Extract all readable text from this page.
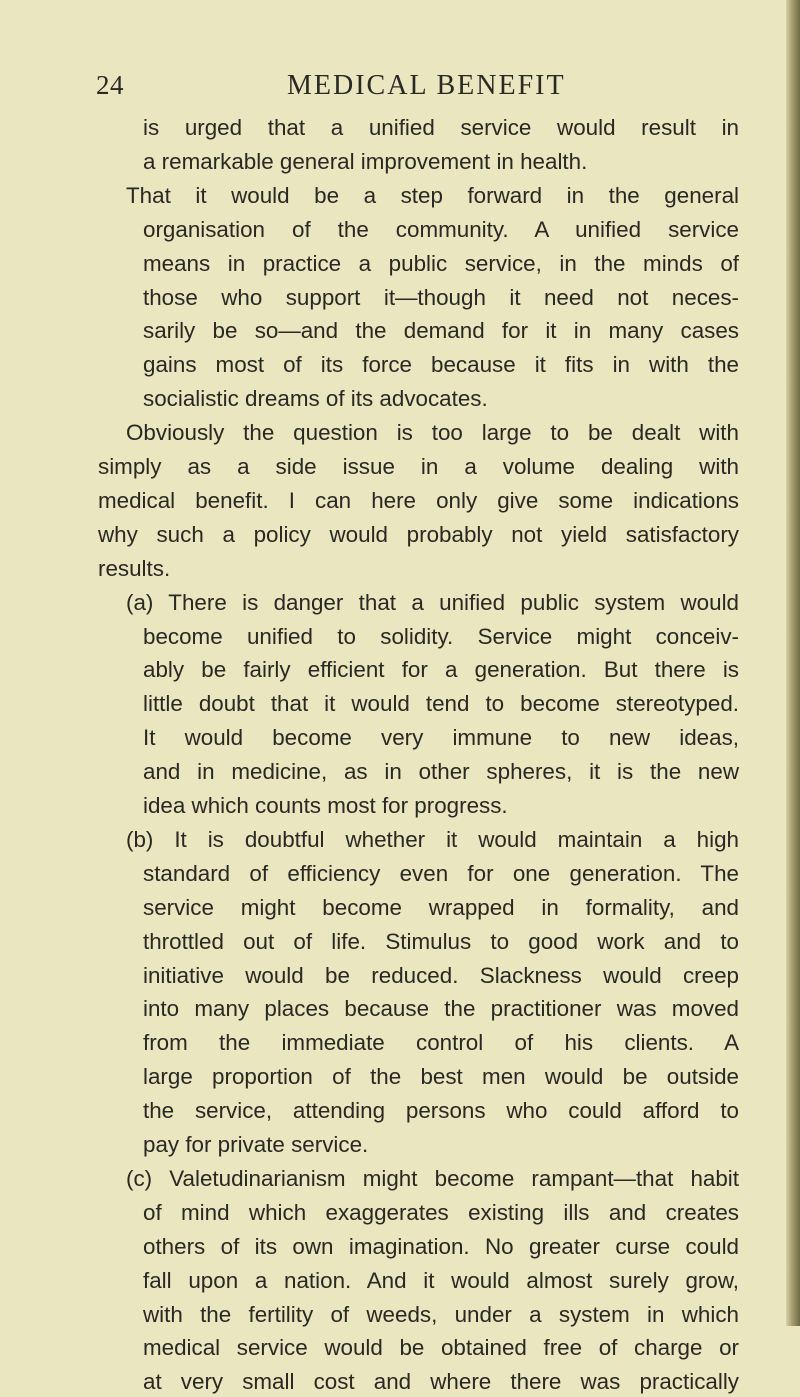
24	MEDICAL BENEFIT
is urged that a unified service would result in
a remarkable general improvement in health.
That it would be a step forward in the general
organisation of the community. A unified service
means in practice a public service, in the minds of
those who support it—though it need not neces-
sarily be so—and the demand for it in many cases
gains most of its force because it fits in with the
socialistic dreams of its advocates.
Obviously the question is too large to be dealt with
simply as a side issue in a volume dealing with
medical benefit. I can here only give some indications
why such a policy would probably not yield satisfactory
results.
(a) There is danger that a unified public system would
become unified to solidity. Service might conceiv-
ably be fairly efficient for a generation. But there is
little doubt that it would tend to become stereotyped.
It would become very immune to new ideas,
and in medicine, as in other spheres, it is the new
idea which counts most for progress.
(b) It is doubtful whether it would maintain a high
standard of efficiency even for one generation. The
service might become wrapped in formality, and
throttled out of life. Stimulus to good work and to
initiative would be reduced. Slackness would creep
into many places because the practitioner was moved
from the immediate control of his clients. A
large proportion of the best men would be outside
the service, attending persons who could afford to
pay for private service.
(c) Valetudinarianism might become rampant—that habit
of mind which exaggerates existing ills and creates
others of its own imagination. No greater curse could
fall upon a nation. And it would almost surely grow,
with the fertility of weeds, under a system in which
medical service would be obtained free of charge or
at very small cost and where there was practically
